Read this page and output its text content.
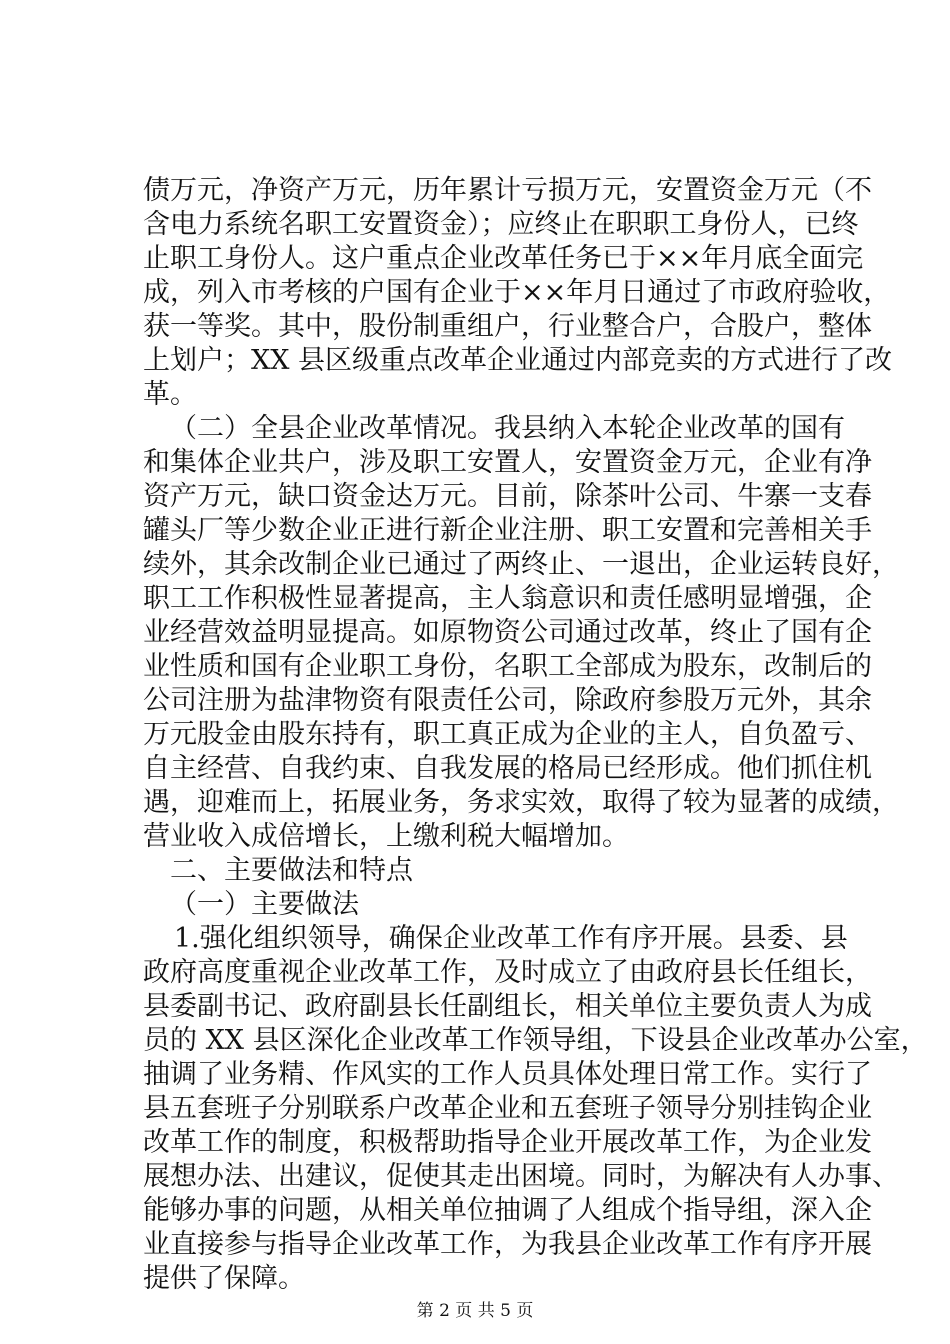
债万元，净资产万元，历年累计亏损万元，安置资金万元（不
含电力系统名职工安置资金）；应终止在职职工身份人，已终
止职工身份人。这户重点企业改革任务已于××年月底全面完
成，列入市考核的户国有企业于××年月日通过了市政府验收，
获一等奖。其中，股份制重组户，行业整合户，合股户，整体
上划户；XX 县区级重点改革企业通过内部竞卖的方式进行了改
革。
（二）全县企业改革情况。我县纳入本轮企业改革的国有
和集体企业共户，涉及职工安置人，安置资金万元，企业有净
资产万元，缺口资金达万元。目前，除茶叶公司、牛寨一支春
罐头厂等少数企业正进行新企业注册、职工安置和完善相关手
续外，其余改制企业已通过了两终止、一退出，企业运转良好，
职工工作积极性显著提高，主人翁意识和责任感明显增强，企
业经营效益明显提高。如原物资公司通过改革，终止了国有企
业性质和国有企业职工身份，名职工全部成为股东，改制后的
公司注册为盐津物资有限责任公司，除政府参股万元外，其余
万元股金由股东持有，职工真正成为企业的主人，自负盈亏、
自主经营、自我约束、自我发展的格局已经形成。他们抓住机
遇，迎难而上，拓展业务，务求实效，取得了较为显著的成绩，
营业收入成倍增长，上缴利税大幅增加。
二、主要做法和特点
（一）主要做法
1.强化组织领导，确保企业改革工作有序开展。县委、县
政府高度重视企业改革工作，及时成立了由政府县长任组长，
县委副书记、政府副县长任副组长，相关单位主要负责人为成
员的 XX 县区深化企业改革工作领导组，下设县企业改革办公室，
抽调了业务精、作风实的工作人员具体处理日常工作。实行了
县五套班子分别联系户改革企业和五套班子领导分别挂钩企业
改革工作的制度，积极帮助指导企业开展改革工作，为企业发
展想办法、出建议，促使其走出困境。同时，为解决有人办事、
能够办事的问题，从相关单位抽调了人组成个指导组，深入企
业直接参与指导企业改革工作，为我县企业改革工作有序开展
提供了保障。
第 2 页 共 5 页
